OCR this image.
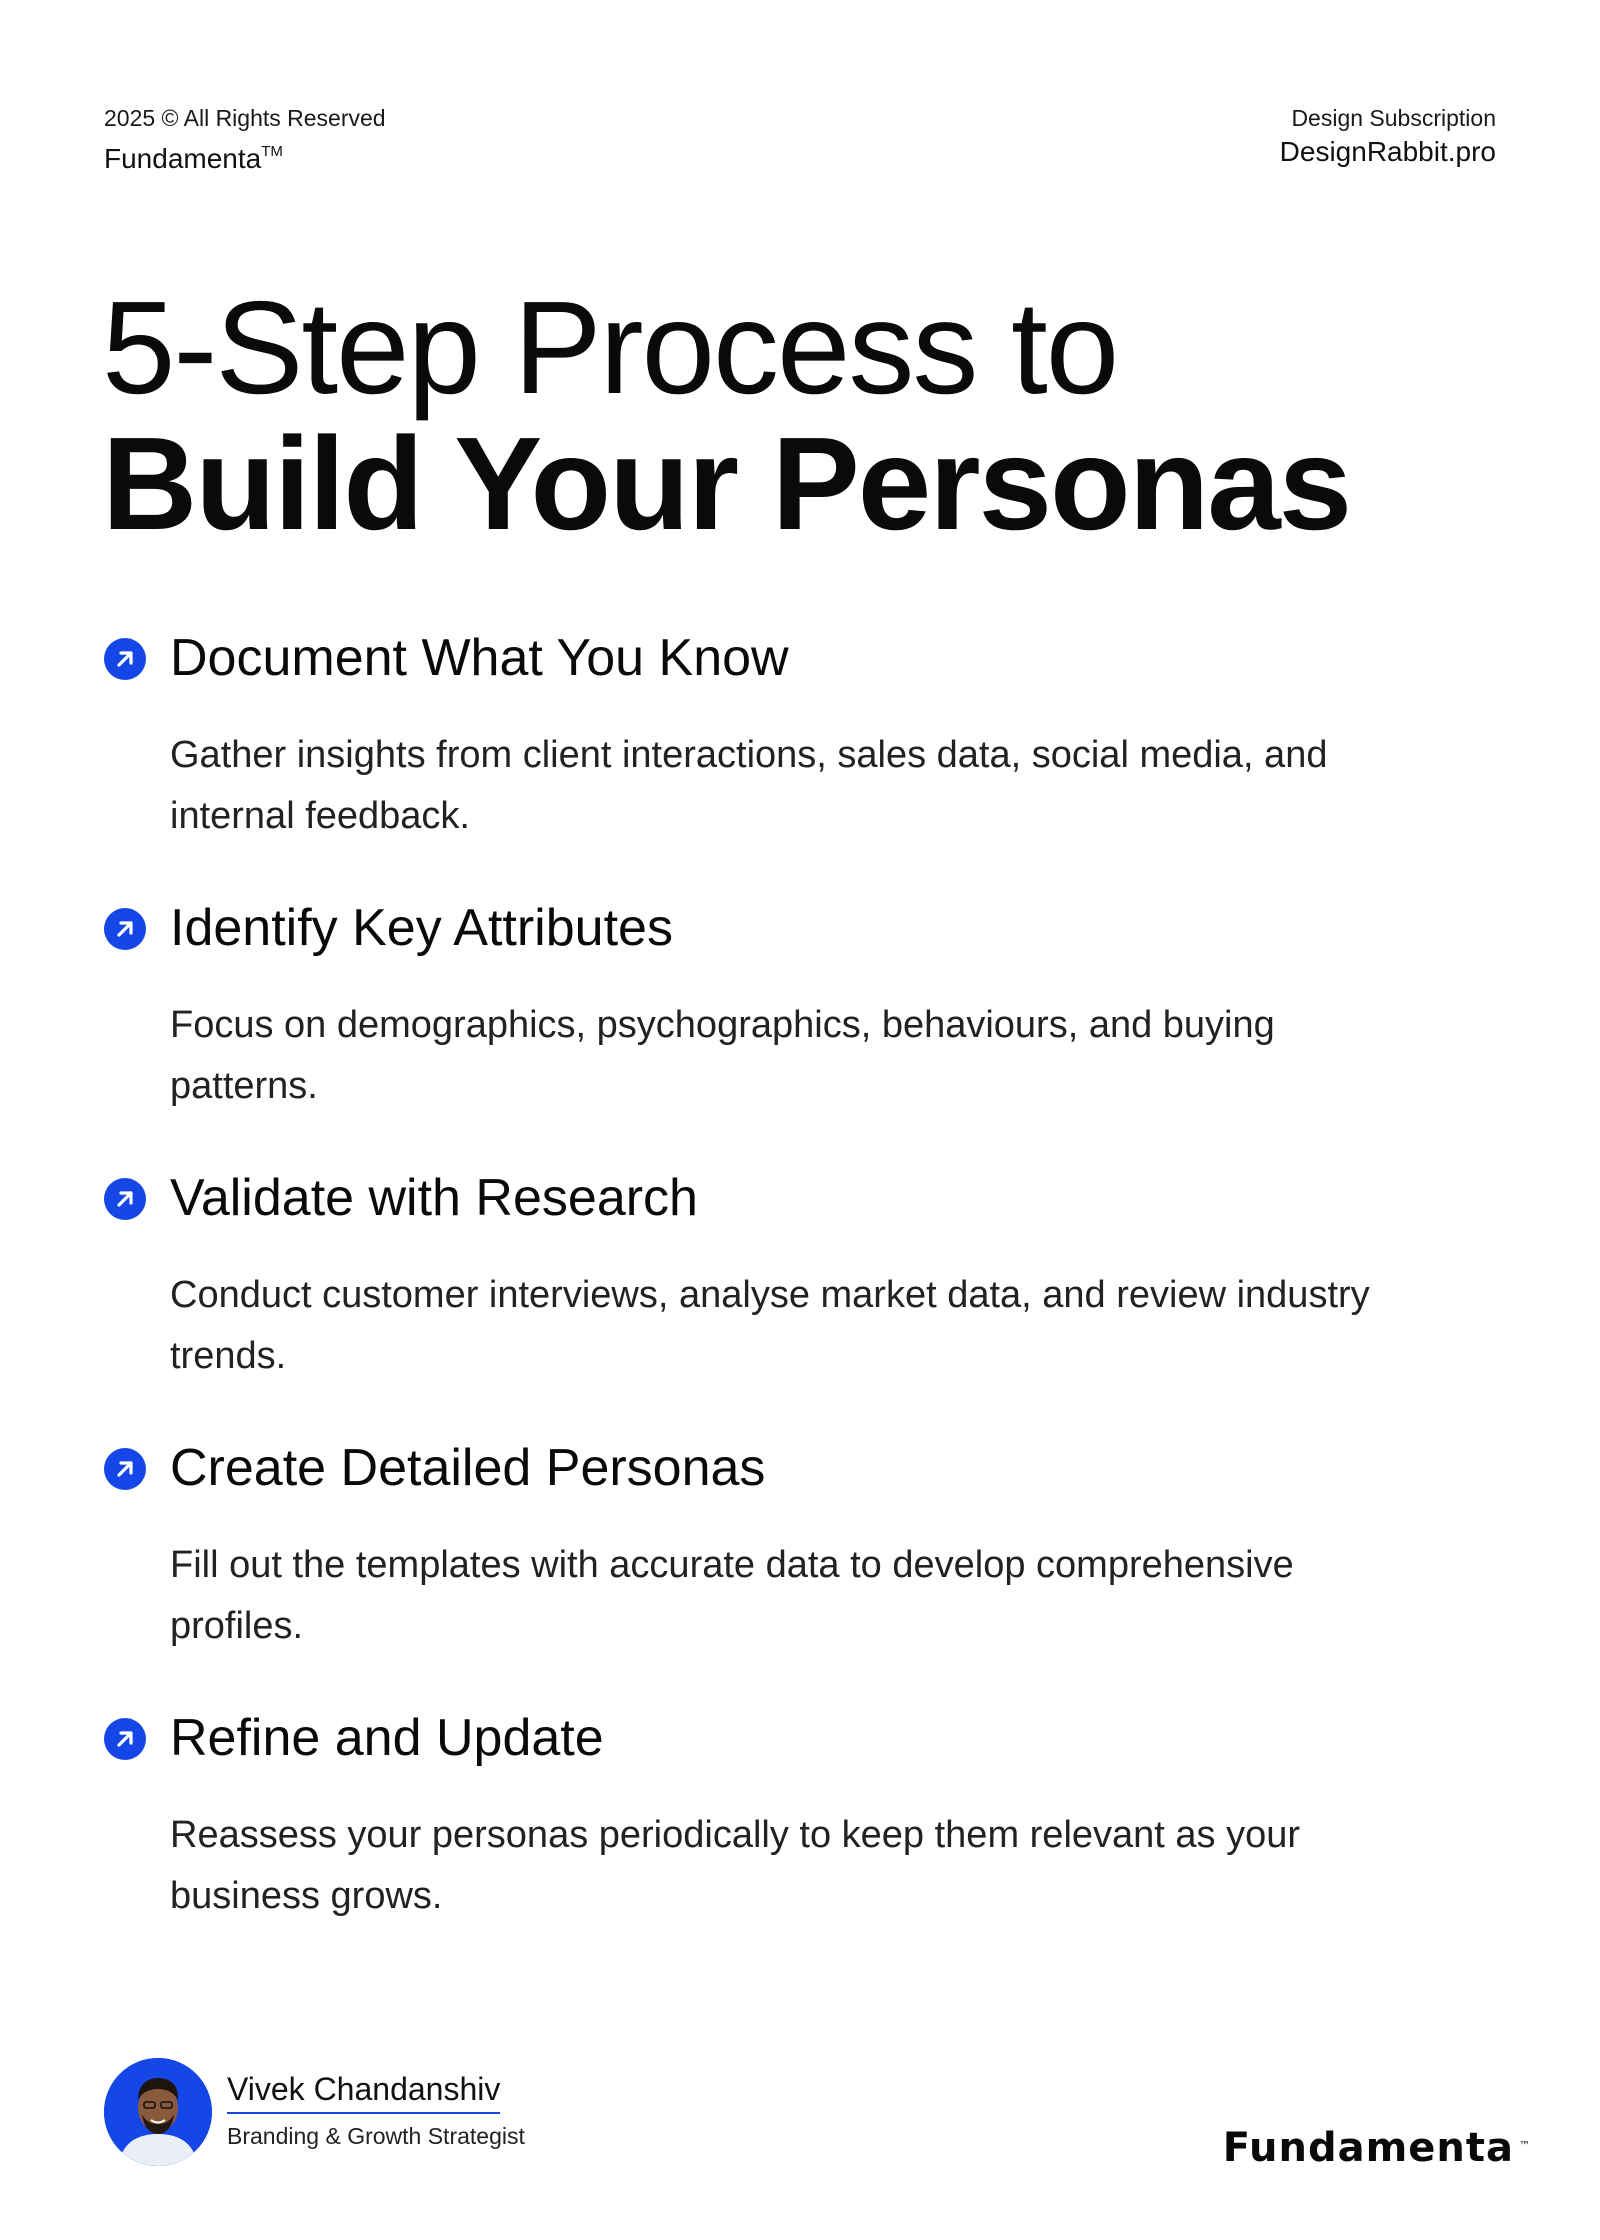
2025 © All Rights Reserved
Fundamenta™
Design Subscription
DesignRabbit.pro
5-Step Process to
Build Your Personas
Document What You Know

Gather insights from client interactions, sales data, social media, and internal feedback.

Identify Key Attributes

Focus on demographics, psychographics, behaviours, and buying patterns.

Validate with Research

Conduct customer interviews, analyse market data, and review industry trends.

Create Detailed Personas

Fill out the templates with accurate data to develop comprehensive profiles.

Refine and Update

Reassess your personas periodically to keep them relevant as your business grows.

Vivek Chandanshiv
Branding & Growth Strategist	Fundamenta ™
